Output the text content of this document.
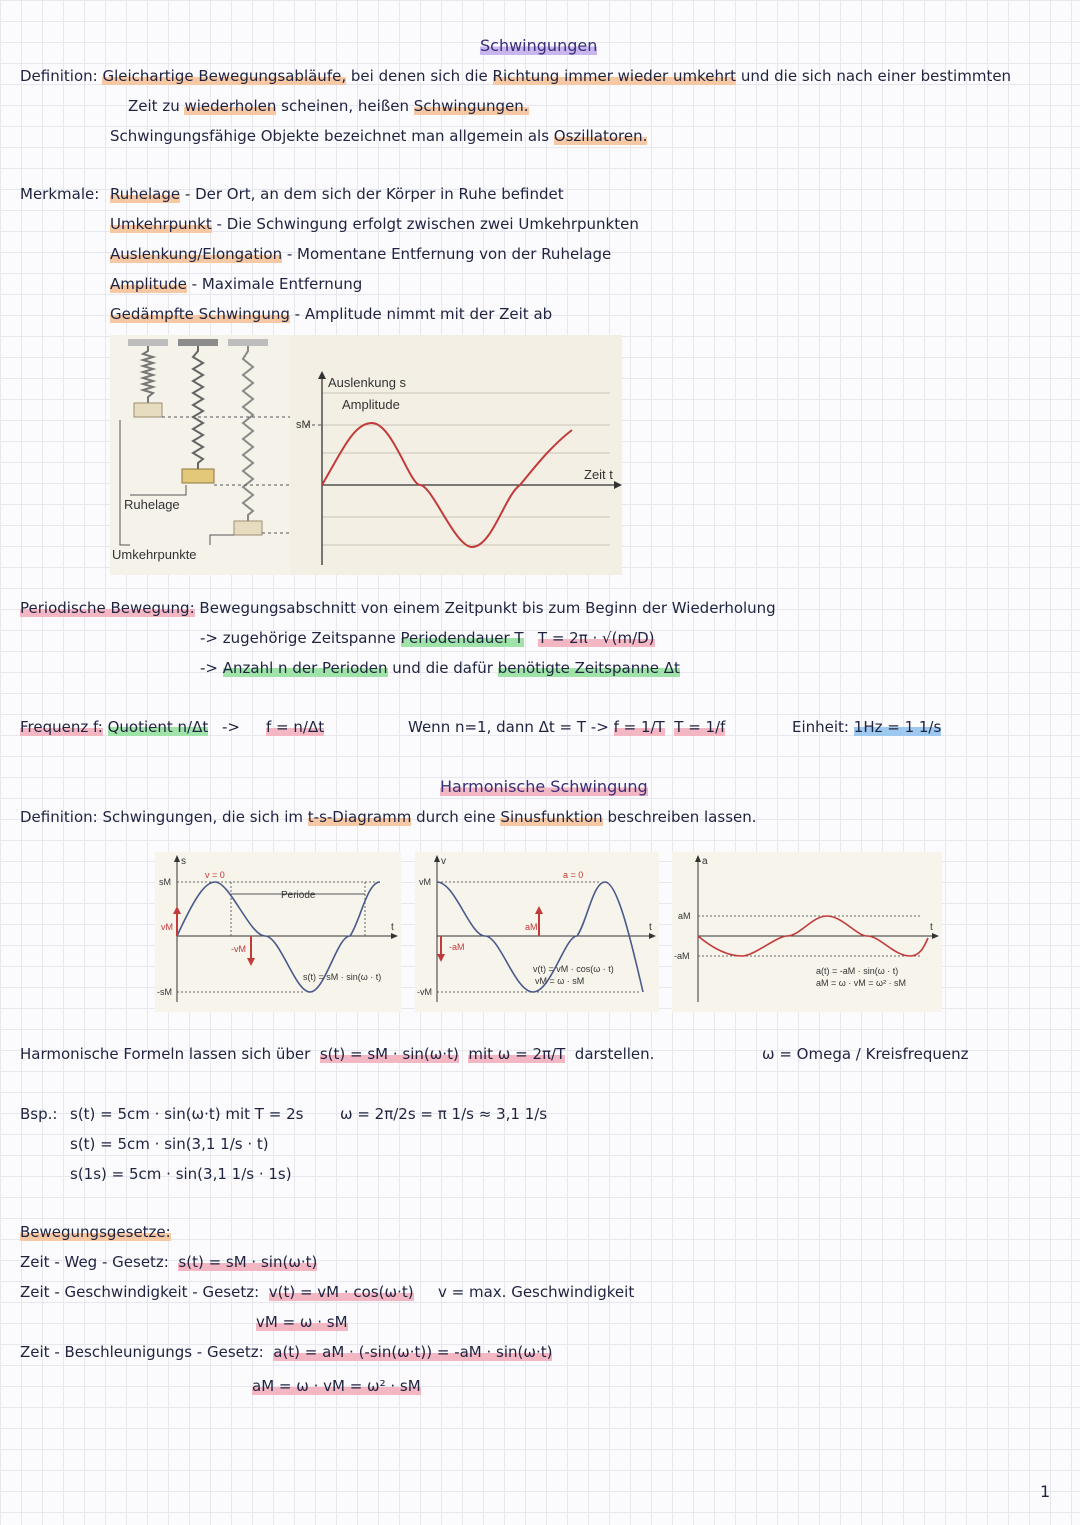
Schwingungen
Definition: Gleichartige Bewegungsabläufe, bei denen sich die Richtung immer wieder umkehrt und die sich nach einer bestimmten
Zeit zu wiederholen scheinen, heißen Schwingungen.
Schwingungsfähige Objekte bezeichnet man allgemein als Oszillatoren.
Merkmale: Ruhelage - Der Ort, an dem sich der Körper in Ruhe befindet
Umkehrpunkt - Die Schwingung erfolgt zwischen zwei Umkehrpunkten
Auslenkung/Elongation - Momentane Entfernung von der Ruhelage
Amplitude - Maximale Entfernung
Gedämpfte Schwingung - Amplitude nimmt mit der Zeit ab
Ruhelage
Umkehrpunkte
Auslenkung s
Amplitude
sM
Zeit t
Periodische Bewegung: Bewegungsabschnitt von einem Zeitpunkt bis zum Beginn der Wiederholung
-> zugehörige Zeitspanne Periodendauer T T = 2π · √(m/D)
-> Anzahl n der Perioden und die dafür benötigte Zeitspanne Δt
Frequenz f: Quotient n/Δt -> f = n/Δt	Wenn n=1, dann Δt = T -> f = 1/T T = 1/f	Einheit: 1Hz = 1 1/s
Harmonische Schwingung
Definition: Schwingungen, die sich im t-s-Diagramm durch eine Sinusfunktion beschreiben lassen.
s
sM
-sM
v = 0
vM
-vM
Periode
t
s(t) = sM · sin(ω · t)
v
vM
-vM
a = 0
aM
-aM
t
v(t) = vM · cos(ω · t)
vM = ω · sM
a
aM
-aM
t
a(t) = -aM · sin(ω · t)
aM = ω · vM = ω² · sM
Harmonische Formeln lassen sich über s(t) = sM · sin(ω·t) mit ω = 2π/T darstellen.	ω = Omega / Kreisfrequenz
Bsp.: s(t) = 5cm · sin(ω·t) mit T = 2s ω = 2π/2s = π 1/s ≈ 3,1 1/s
s(t) = 5cm · sin(3,1 1/s · t)
s(1s) = 5cm · sin(3,1 1/s · 1s)
Bewegungsgesetze:
Zeit - Weg - Gesetz: s(t) = sM · sin(ω·t)
Zeit - Geschwindigkeit - Gesetz: v(t) = vM · cos(ω·t) v = max. Geschwindigkeit
vM = ω · sM
Zeit - Beschleunigungs - Gesetz: a(t) = aM · (-sin(ω·t)) = -aM · sin(ω·t)
aM = ω · vM = ω² · sM
1
